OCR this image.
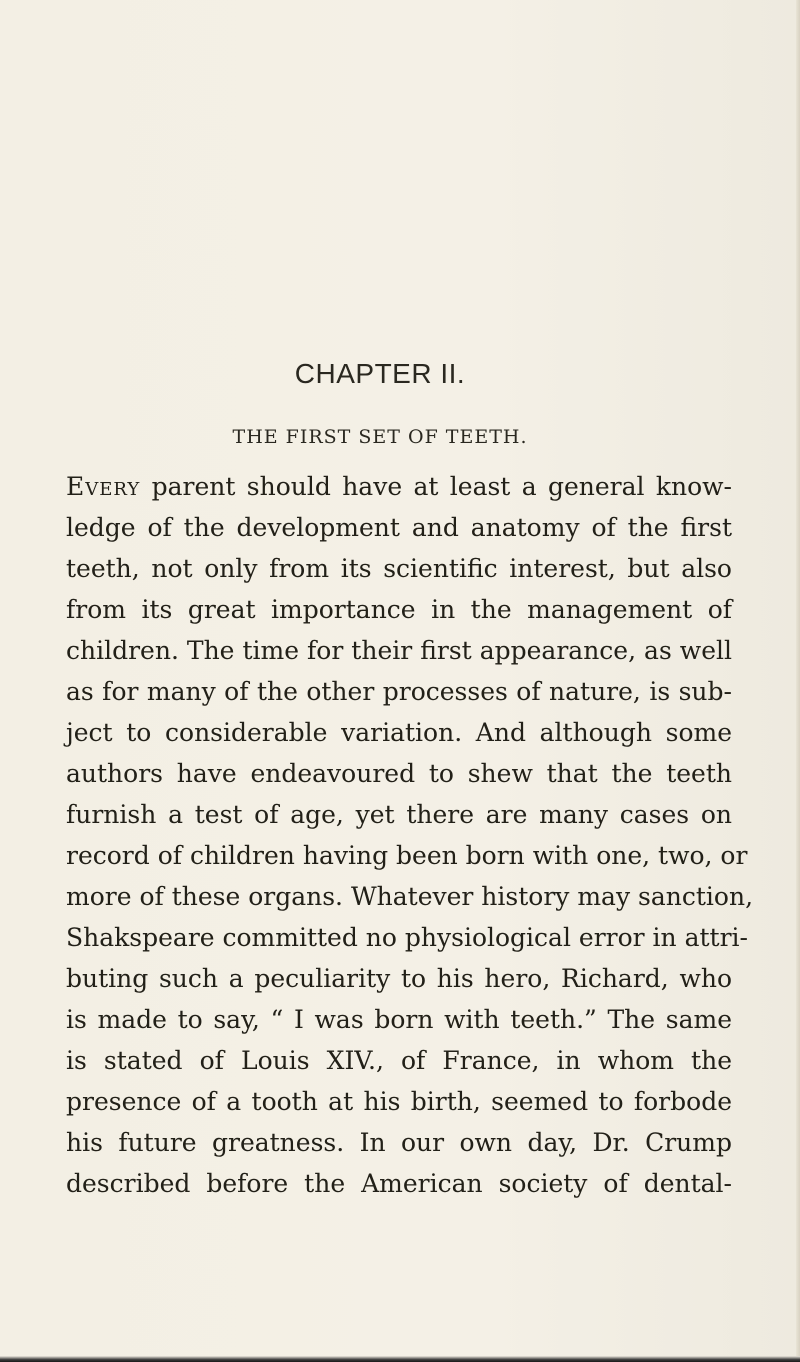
CHAPTER II.
THE FIRST SET OF TEETH.
Every parent should have at least a general know-
ledge of the development and anatomy of the first
teeth, not only from its scientific interest, but also
from its great importance in the management of
children. The time for their first appearance, as well
as for many of the other processes of nature, is sub-
ject to considerable variation. And although some
authors have endeavoured to shew that the teeth
furnish a test of age, yet there are many cases on
record of children having been born with one, two, or
more of these organs. Whatever history may sanction,
Shakspeare committed no physiological error in attri-
buting such a peculiarity to his hero, Richard, who
is made to say, “ I was born with teeth.” The same
is stated of Louis XIV., of France, in whom the
presence of a tooth at his birth, seemed to forbode
his future greatness. In our own day, Dr. Crump
described before the American society of dental-
